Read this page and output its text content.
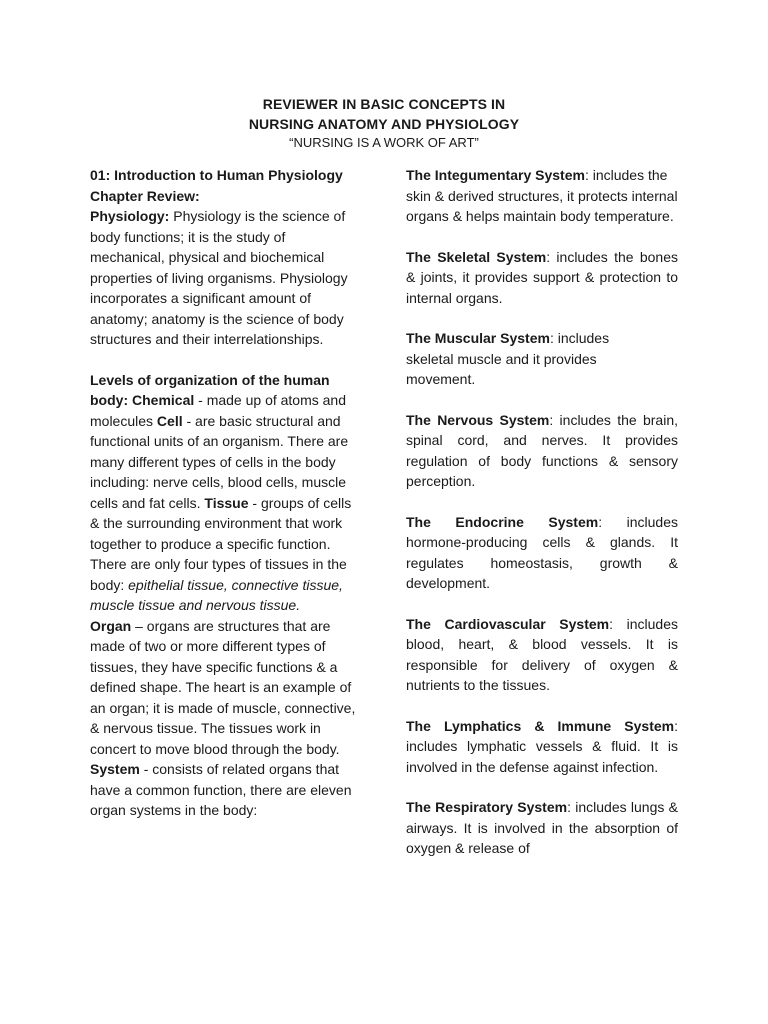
REVIEWER IN BASIC CONCEPTS IN
NURSING ANATOMY AND PHYSIOLOGY
“NURSING IS A WORK OF ART”

01: Introduction to Human Physiology Chapter Review:
Physiology: Physiology is the science of body functions; it is the study of mechanical, physical and biochemical properties of living organisms. Physiology incorporates a significant amount of anatomy; anatomy is the science of body structures and their interrelationships.

Levels of organization of the human body: Chemical - made up of atoms and molecules Cell - are basic structural and functional units of an organism. There are many different types of cells in the body including: nerve cells, blood cells, muscle cells and fat cells. Tissue - groups of cells & the surrounding environment that work together to produce a specific function. There are only four types of tissues in the body: epithelial tissue, connective tissue, muscle tissue and nervous tissue.
Organ – organs are structures that are made of two or more different types of tissues, they have specific functions & a defined shape. The heart is an example of an organ; it is made of muscle, connective, & nervous tissue. The tissues work in concert to move blood through the body. System - consists of related organs that have a common function, there are eleven organ systems in the body:

The Integumentary System: includes the skin & derived structures, it protects internal organs & helps maintain body temperature.

The Skeletal System: includes the bones & joints, it provides support & protection to internal organs.

The Muscular System: includes skeletal muscle and it provides movement.

The Nervous System: includes the brain, spinal cord, and nerves. It provides regulation of body functions & sensory perception.

The Endocrine System: includes hormone-producing cells & glands. It regulates homeostasis, growth & development.

The Cardiovascular System: includes blood, heart, & blood vessels. It is responsible for delivery of oxygen & nutrients to the tissues.

The Lymphatics & Immune System: includes lymphatic vessels & fluid. It is involved in the defense against infection.

The Respiratory System: includes lungs & airways. It is involved in the absorption of oxygen & release of
